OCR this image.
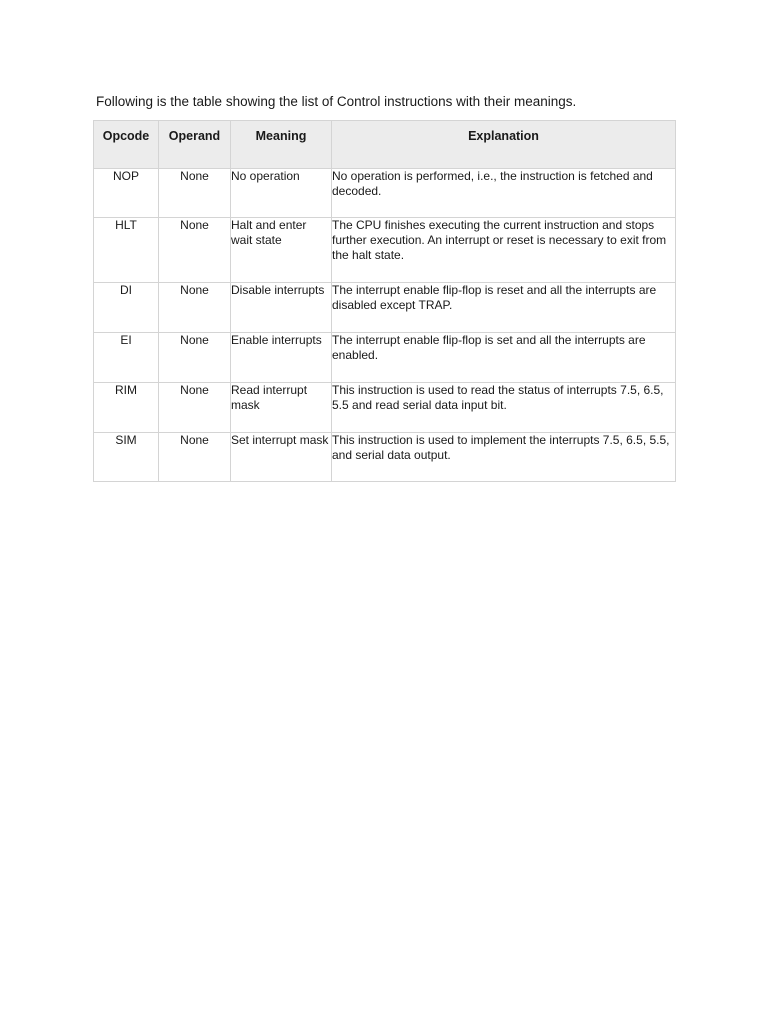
Following is the table showing the list of Control instructions with their meanings.
Opcode	Operand	Meaning	Explanation
NOP	None	No operation	No operation is performed, i.e., the instruction is fetched and decoded.
HLT	None	Halt and enter wait state	The CPU finishes executing the current instruction and stops further execution. An interrupt or reset is necessary to exit from the halt state.
DI	None	Disable interrupts	The interrupt enable flip-flop is reset and all the interrupts are disabled except TRAP.
EI	None	Enable interrupts	The interrupt enable flip-flop is set and all the interrupts are enabled.
RIM	None	Read interrupt mask	This instruction is used to read the status of interrupts 7.5, 6.5, 5.5 and read serial data input bit.
SIM	None	Set interrupt mask	This instruction is used to implement the interrupts 7.5, 6.5, 5.5, and serial data output.
